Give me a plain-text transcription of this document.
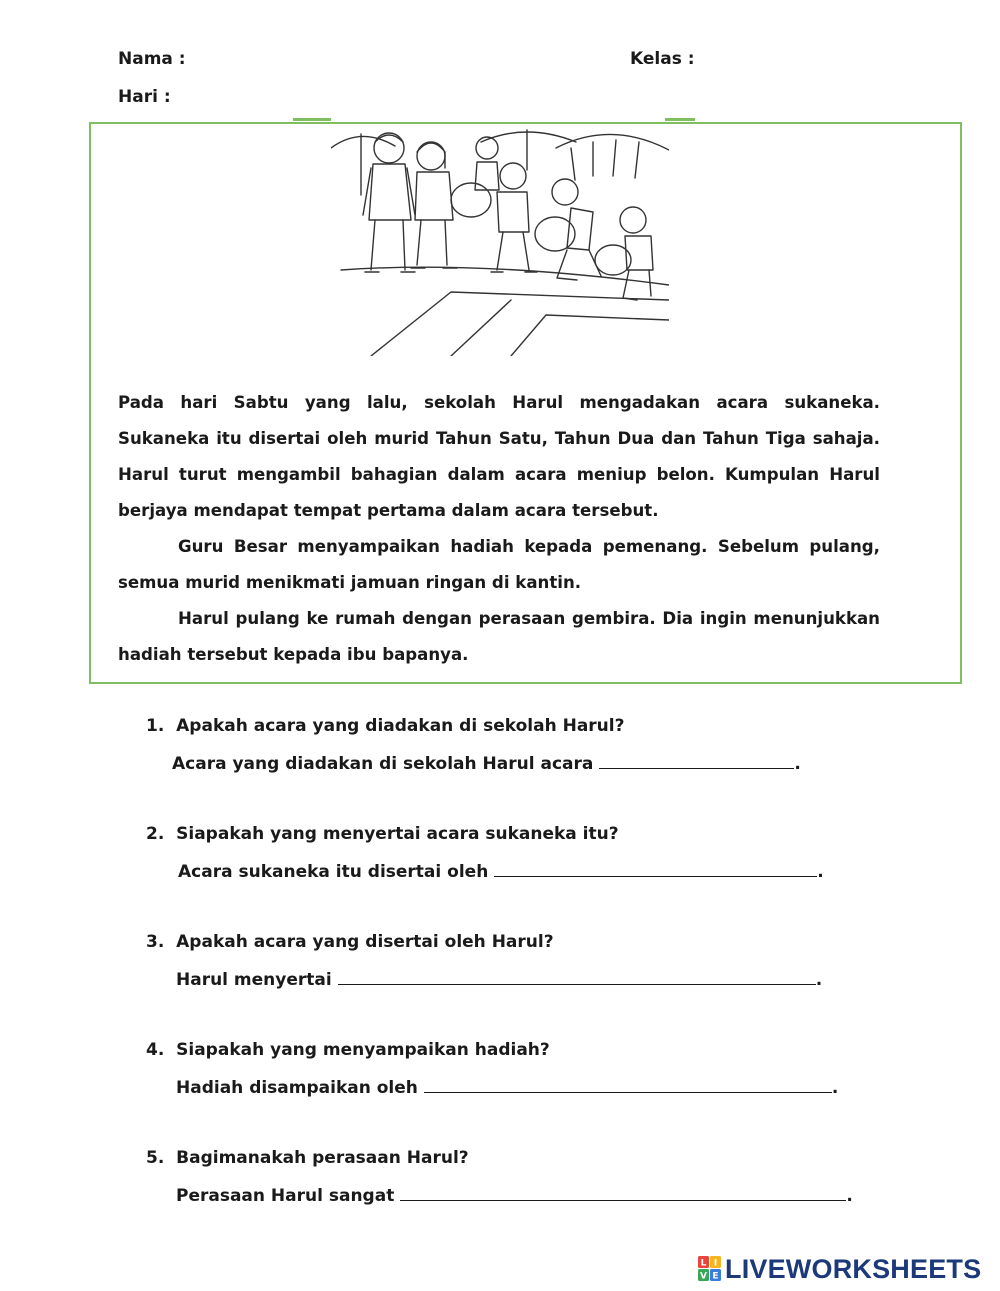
Nama :	Kelas :
Hari :

Pada hari Sabtu yang lalu, sekolah Harul mengadakan acara sukaneka. Sukaneka itu disertai oleh murid Tahun Satu, Tahun Dua dan Tahun Tiga sahaja. Harul turut mengambil bahagian dalam acara meniup belon. Kumpulan Harul berjaya mendapat tempat pertama dalam acara tersebut.

Guru Besar menyampaikan hadiah kepada pemenang. Sebelum pulang, semua murid menikmati jamuan ringan di kantin.

Harul pulang ke rumah dengan perasaan gembira. Dia ingin menunjukkan hadiah tersebut kepada ibu bapanya.

1. Apakah acara yang diadakan di sekolah Harul?
Acara yang diadakan di sekolah Harul acara	.
2. Siapakah yang menyertai acara sukaneka itu?
Acara sukaneka itu disertai oleh	.
3. Apakah acara yang disertai oleh Harul?
Harul menyertai	.
4. Siapakah yang menyampaikan hadiah?
Hadiah disampaikan oleh	.
5. Bagimanakah perasaan Harul?
Perasaan Harul sangat	.
L I
V E LIVEWORKSHEETS
